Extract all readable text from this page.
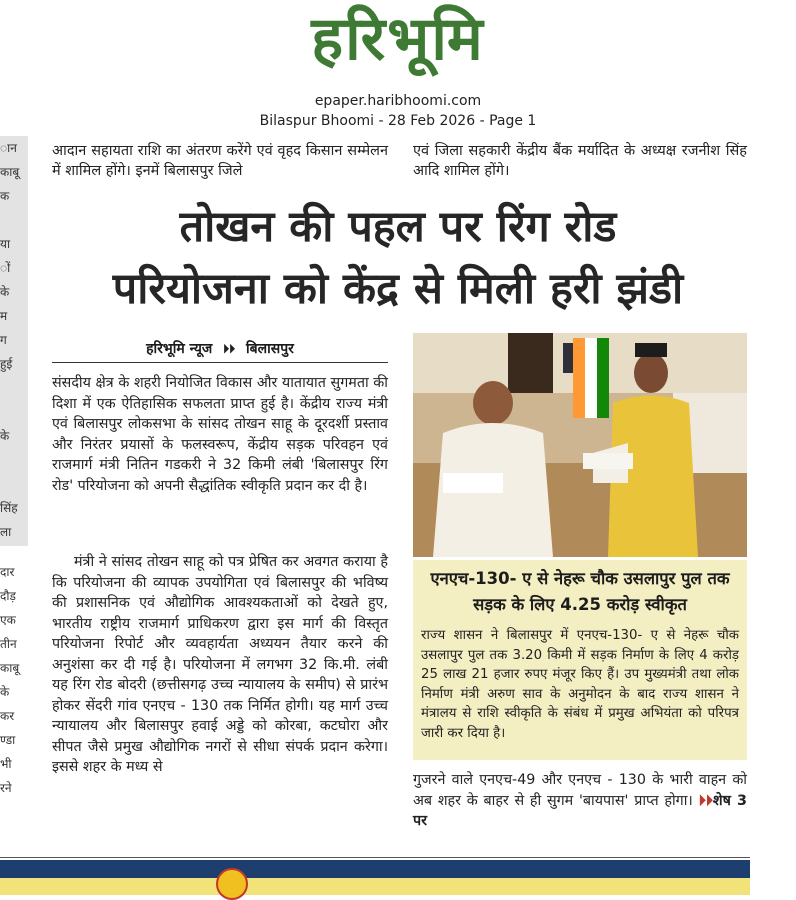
हरिभूमि
epaper.haribhoomi.com
Bilaspur Bhoomi - 28 Feb 2026 - Page 1
ान
काबू
क

या
ों
के
म
ग
हुई

के

सिंह
ला
दार
दौड़
एक
तीन
काबू
के
कर
ण्डा
भी
रने
आदान सहायता राशि का अंतरण करेंगे एवं वृहद किसान सम्मेलन में शामिल होंगे। इनमें बिलासपुर जिले
एवं जिला सहकारी केंद्रीय बैंक मर्यादित के अध्यक्ष रजनीश सिंह आदि शामिल होंगे।
तोखन की पहल पर रिंग रोड
परियोजना को केंद्र से मिली हरी झंडी
हरिभूमि न्यूज ⏵⏵ बिलासपुर
संसदीय क्षेत्र के शहरी नियोजित विकास और यातायात सुगमता की दिशा में एक ऐतिहासिक सफलता प्राप्त हुई है। केंद्रीय राज्य मंत्री एवं बिलासपुर लोकसभा के सांसद तोखन साहू के दूरदर्शी प्रस्ताव और निरंतर प्रयासों के फलस्वरूप, केंद्रीय सड़क परिवहन एवं राजमार्ग मंत्री नितिन गडकरी ने 32 किमी लंबी 'बिलासपुर रिंग रोड' परियोजना को अपनी सैद्धांतिक स्वीकृति प्रदान कर दी है।
मंत्री ने सांसद तोखन साहू को पत्र प्रेषित कर अवगत कराया है कि परियोजना की व्यापक उपयोगिता एवं बिलासपुर की भविष्य की प्रशासनिक एवं औद्योगिक आवश्यकताओं को देखते हुए, भारतीय राष्ट्रीय राजमार्ग प्राधिकरण द्वारा इस मार्ग की विस्तृत परियोजना रिपोर्ट और व्यवहार्यता अध्ययन तैयार करने की अनुशंसा कर दी गई है। परियोजना में लगभग 32 कि.मी. लंबी यह रिंग रोड बोदरी (छत्तीसगढ़ उच्च न्यायालय के समीप) से प्रारंभ होकर सेंदरी गांव एनएच - 130 तक निर्मित होगी। यह मार्ग उच्च न्यायालय और बिलासपुर हवाई अड्डे को कोरबा, कटघोरा और सीपत जैसे प्रमुख औद्योगिक नगरों से सीधा संपर्क प्रदान करेगा। इससे शहर के मध्य से
एनएच-130- ए से नेहरू चौक उसलापुर पुल तक सड़क के लिए 4.25 करोड़ स्वीकृत
राज्य शासन ने बिलासपुर में एनएच-130- ए से नेहरू चौक उसलापुर पुल तक 3.20 किमी में सड़क निर्माण के लिए 4 करोड़ 25 लाख 21 हजार रुपए मंजूर किए हैं। उप मुख्यमंत्री तथा लोक निर्माण मंत्री अरुण साव के अनुमोदन के बाद राज्य शासन ने मंत्रालय से राशि स्वीकृति के संबंध में प्रमुख अभियंता को परिपत्र जारी कर दिया है।
गुजरने वाले एनएच-49 और एनएच - 130 के भारी वाहन को अब शहर के बाहर से ही सुगम 'बायपास' प्राप्त होगा। ⏵⏵शेष 3 पर
